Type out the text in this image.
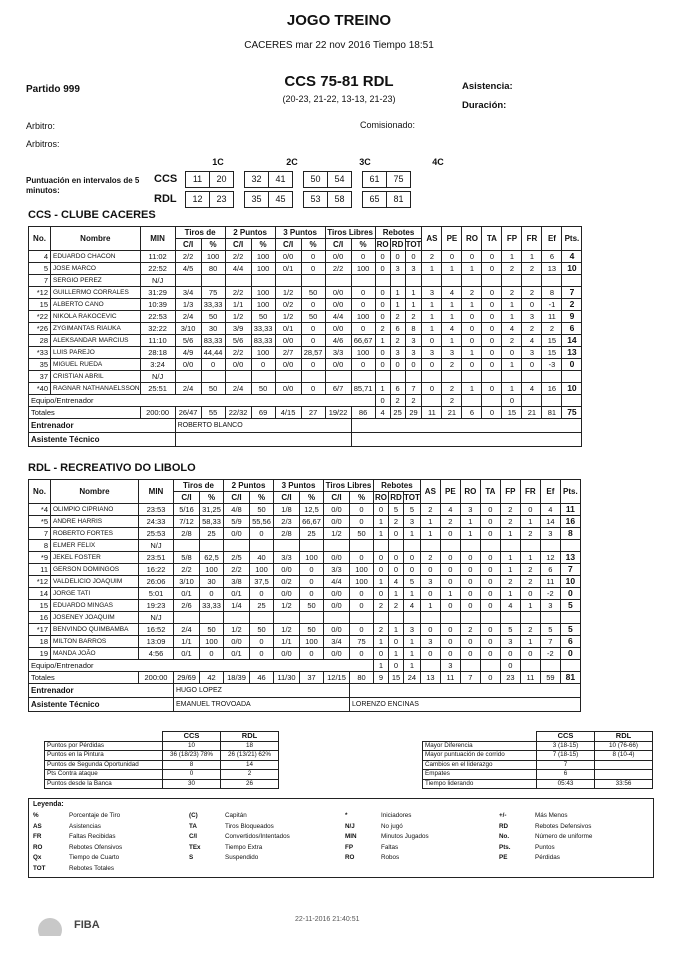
JOGO TREINO
CACERES mar 22 nov 2016 Tiempo 18:51
Partido 999	CCS 75-81 RDL
(20-23, 21-22, 13-13, 21-23)
Asistencia:
Duración:
Arbitro:	Comisionado:
Arbitros:
Puntuación en intervalos de 5 minutos:
1C	2C	3C	4C
CCS 11	20		32	41		50	54		61	75
RDL 12	23		35	45		53	58		65	81
CCS - CLUBE CACERES
No.	Nombre	MIN	Tiros de		2 Puntos		3 Puntos		Tiros Libres		Rebotes			AS	PE	RO	TA	FP	FR	Ef	Pts.
			C/I	%	C/I	%	C/I	%	C/I	%	RO	RD	TOT								
4	EDUARDO CHACON	11:02	2/2	100	2/2	100	0/0	0	0/0	0	0	0	0	2	0	0	0	1	1	6	4
5	JOSE MARCO	22:52	4/5	80	4/4	100	0/1	0	2/2	100	0	3	3	1	1	1	0	2	2	13	10
7	SERGIO PEREZ	N/J																			
*12	GUILLERMO CORRALES	31:29	3/4	75	2/2	100	1/2	50	0/0	0	0	1	1	3	4	2	0	2	2	8	7
15	ALBERTO CANO	10:39	1/3	33,33	1/1	100	0/2	0	0/0	0	0	1	1	1	1	1	0	1	0	-1	2
*22	NIKOLA RAKOCEVIC	22:53	2/4	50	1/2	50	1/2	50	4/4	100	0	2	2	1	1	0	0	1	3	11	9
*26	ZYGIMANTAS RIAUKA	32:22	3/10	30	3/9	33,33	0/1	0	0/0	0	2	6	8	1	4	0	0	4	2	2	6
28	ALEKSANDAR MARCIUS	11:10	5/6	83,33	5/6	83,33	0/0	0	4/6	66,67	1	2	3	0	1	0	0	2	4	15	14
*33	LUIS PAREJO	28:18	4/9	44,44	2/2	100	2/7	28,57	3/3	100	0	3	3	3	3	1	0	0	3	15	13
35	MIGUEL RUEDA	3:24	0/0	0	0/0	0	0/0	0	0/0	0	0	0	0	0	2	0	0	1	0	-3	0
37	CRISTIAN ABRIL	N/J																			
*40	RAGNAR NATHANAELSSON	25:51	2/4	50	2/4	50	0/0	0	6/7	85,71	1	6	7	0	2	1	0	1	4	16	10
Equipo/Entrenador											0	2	2		2			0			
Totales		200:00	26/47	55	22/32	69	4/15	27	19/22	86	4	25	29	11	21	6	0	15	21	81	75
Entrenador			ROBERTO BLANCO																		
Asistente Técnico																					
RDL - RECREATIVO DO LIBOLO
No.	Nombre	MIN	Tiros de		2 Puntos		3 Puntos		Tiros Libres		Rebotes			AS	PE	RO	TA	FP	FR	Ef	Pts.
			C/I	%	C/I	%	C/I	%	C/I	%	RO	RD	TOT								
*4	OLIMPIO CIPRIANO	23:53	5/16	31,25	4/8	50	1/8	12,5	0/0	0	0	5	5	2	4	3	0	2	0	4	11
*5	ANDRE HARRIS	24:33	7/12	58,33	5/9	55,56	2/3	66,67	0/0	0	1	2	3	1	2	1	0	2	1	14	16
7	ROBERTO FORTES	25:53	2/8	25	0/0	0	2/8	25	1/2	50	1	0	1	1	0	1	0	1	2	3	8
8	ELMER FELIX	N/J																			
*9	JEKEL FOSTER	23:51	5/8	62,5	2/5	40	3/3	100	0/0	0	0	0	0	2	0	0	0	1	1	12	13
11	GERSON DOMINGOS	16:22	2/2	100	2/2	100	0/0	0	3/3	100	0	0	0	0	0	0	0	1	2	6	7
*12	VALDELICIO JOAQUIM	26:06	3/10	30	3/8	37,5	0/2	0	4/4	100	1	4	5	3	0	0	0	2	2	11	10
14	JORGE TATI	5:01	0/1	0	0/1	0	0/0	0	0/0	0	0	1	1	0	1	0	0	1	0	-2	0
15	EDUARDO MINGAS	19:23	2/6	33,33	1/4	25	1/2	50	0/0	0	2	2	4	1	0	0	0	4	1	3	5
16	JOSENEY JOAQUIM	N/J																			
*17	BENVINDO QUIMBAMBA	16:52	2/4	50	1/2	50	1/2	50	0/0	0	2	1	3	0	0	2	0	5	2	5	5
18	MILTON BARROS	13:09	1/1	100	0/0	0	1/1	100	3/4	75	1	0	1	3	0	0	0	3	1	7	6
19	MANDA JOÃO	4:56	0/1	0	0/1	0	0/0	0	0/0	0	0	1	1	0	0	0	0	0	0	-2	0
Equipo/Entrenador											1	0	1		3			0			
Totales		200:00	29/69	42	18/39	46	11/30	37	12/15	80	9	15	24	13	11	7	0	23	11	59	81
Entrenador			HUGO LOPEZ																		
Asistente Técnico			EMANUEL TROVOADA							LORENZO ENCINAS											
	CCS	RDL
Puntos por Pérdidas	10	18
Puntos en la Pintura	36 (18/23) 78%	26 (13/21) 62%
Puntos de Segunda Oportunidad	8	14
Pts Contra ataque	0	2
Puntos desde la Banca	30	26
	CCS	RDL
Mayor Diferencia	3 (18-15)	10 (76-66)
Mayor puntuación de corrido	7 (18-15)	8 (10-4)
Cambios en el liderazgo	7	
Empates	6	
Tiempo liderando	05:43	33:56
Leyenda:
%	Porcentaje de Tiro
AS	Asistencias
FR	Faltas Recibidas
RO	Rebotes Ofensivos
Qx	Tiempo de Cuarto
TOT	Rebotes Totales
(C)	Capitán
TA	Tiros Bloqueados
C/I	Convertidos/Intentados
TEx	Tiempo Extra
S	Suspendido
*	Iniciadores
N/J	No jugó
MIN	Minutos Jugados
FP	Faltas
RO	Robos
+/-	Más Menos
RD	Rebotes Defensivos
No.	Número de uniforme
Pts.	Puntos
PE	Pérdidas
FIBA	22-11-2016 21:40:51
